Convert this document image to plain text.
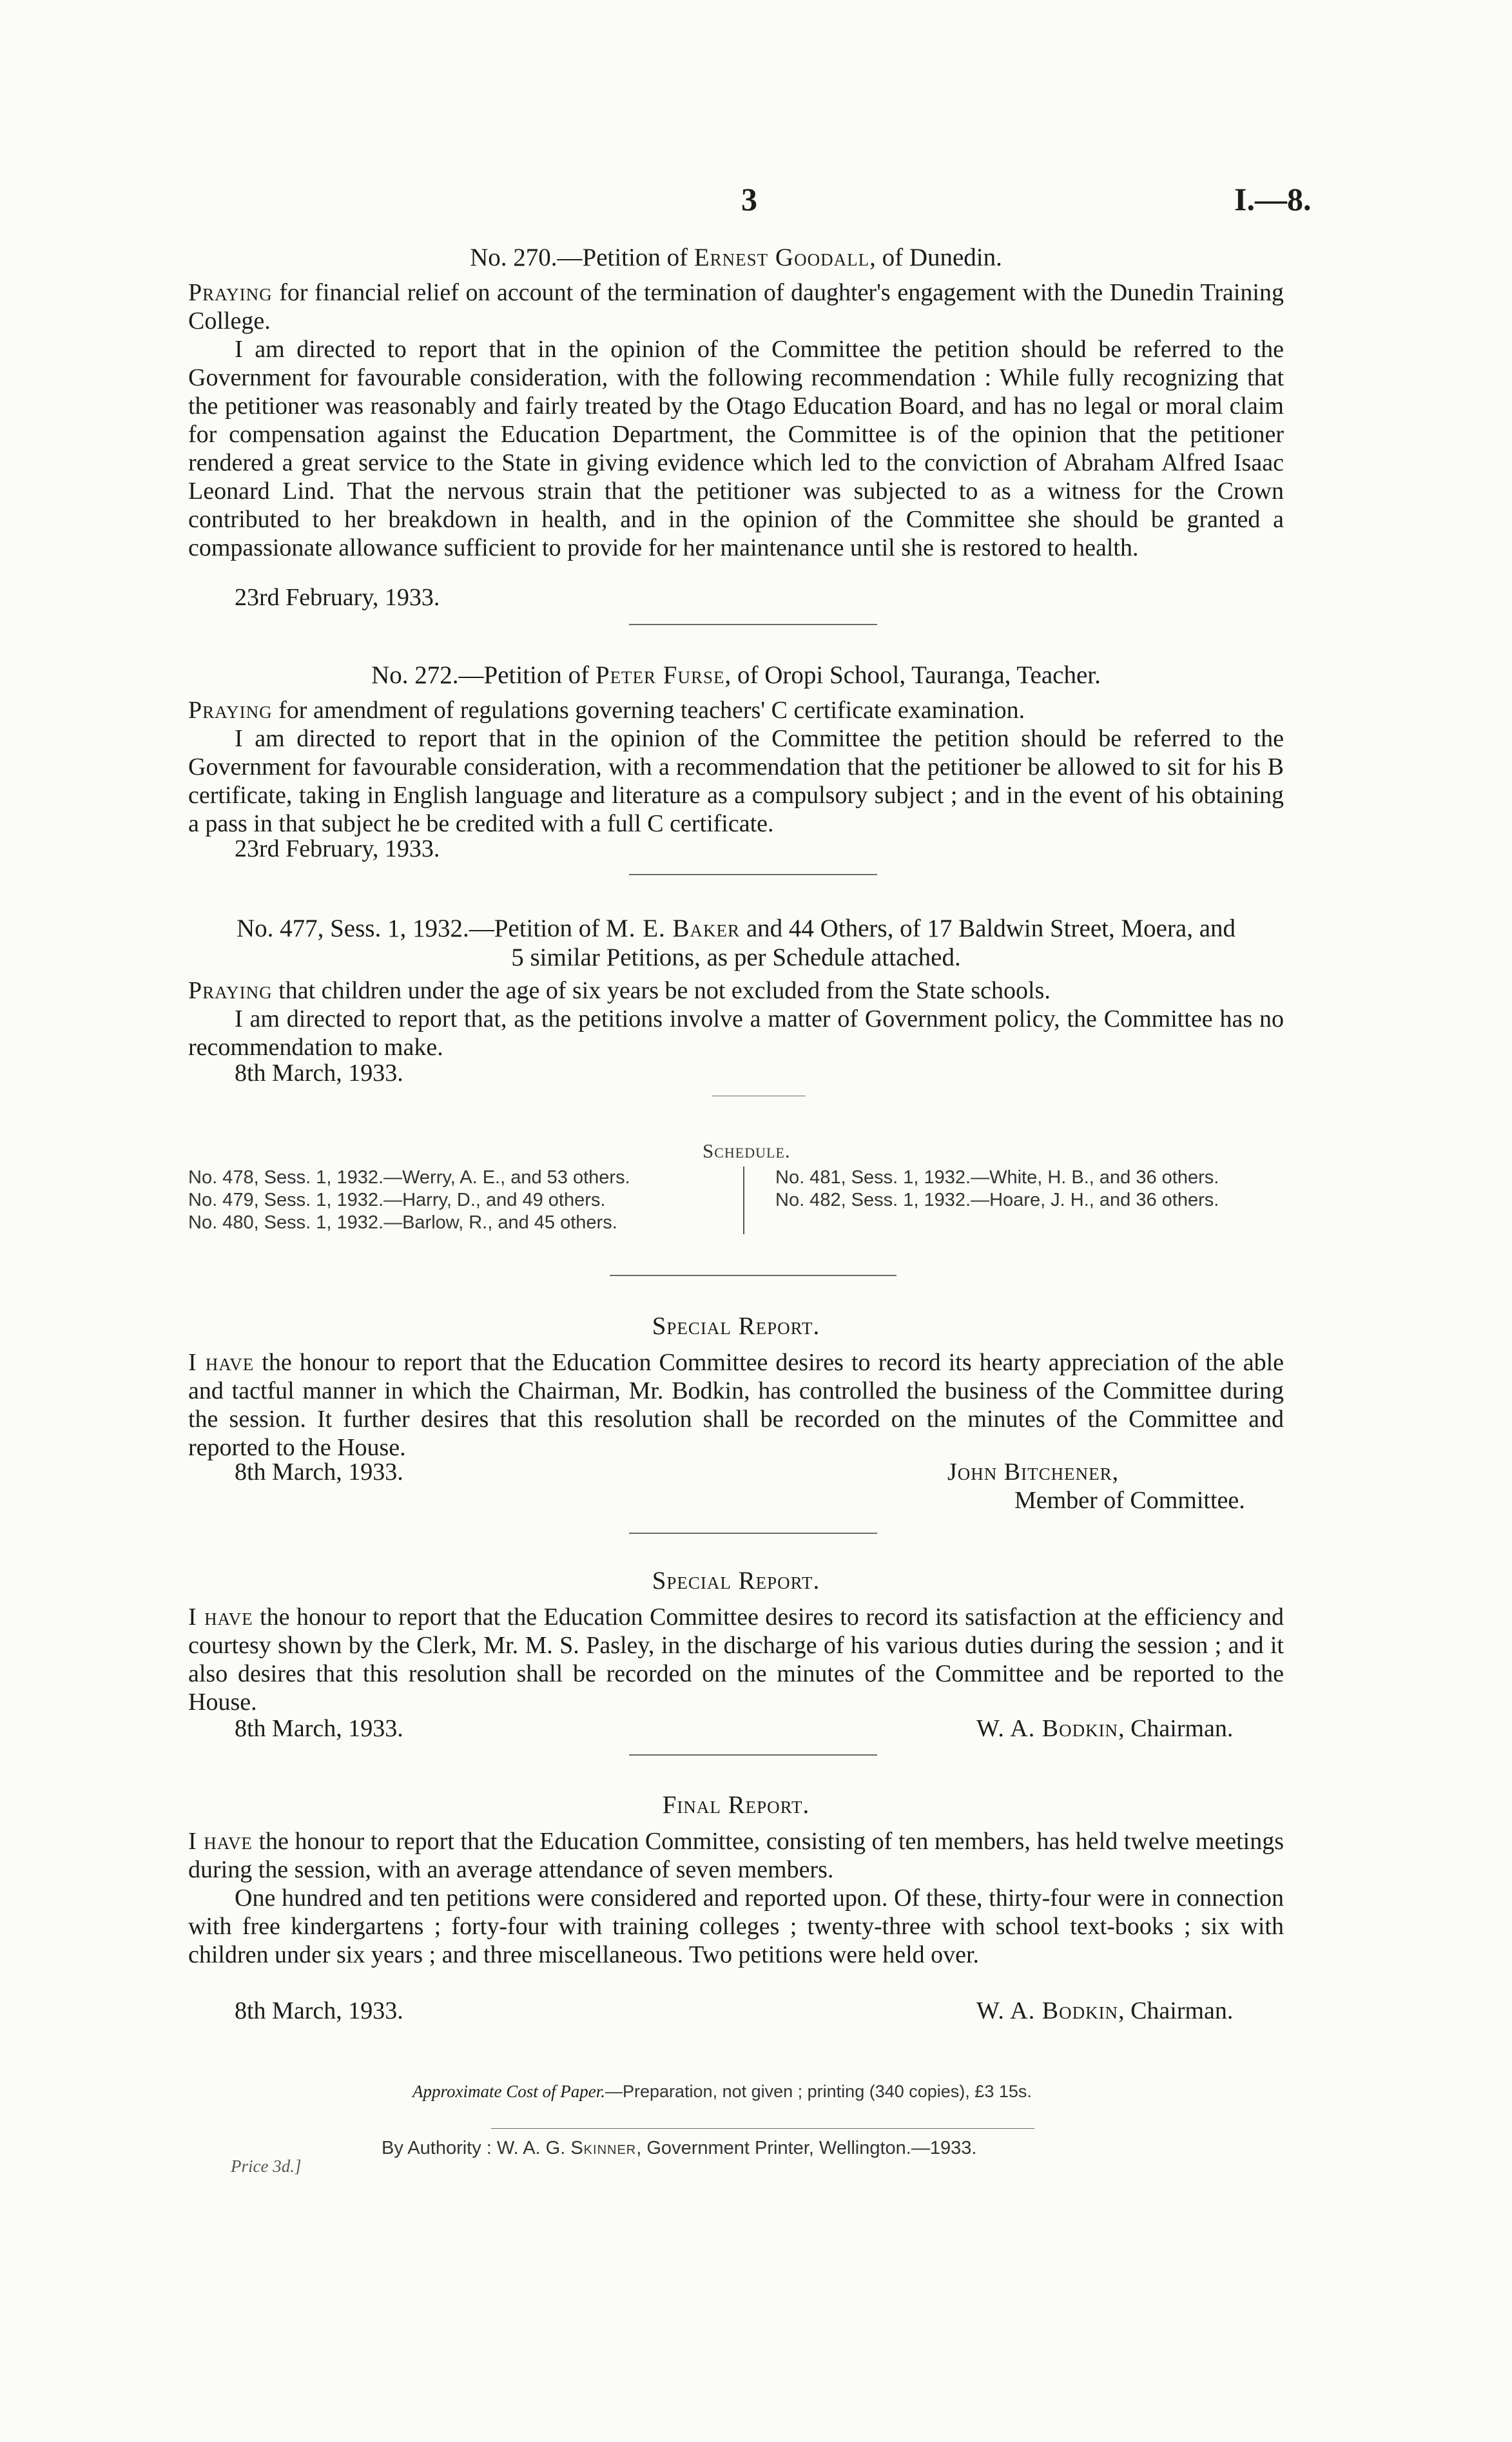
3	I.—8.
No. 270.—Petition of Ernest Goodall, of Dunedin.

Praying for financial relief on account of the termination of daughter's engagement with the Dunedin Training College.

I am directed to report that in the opinion of the Committee the petition should be referred to the Government for favourable consideration, with the following recommendation : While fully recognizing that the petitioner was reasonably and fairly treated by the Otago Education Board, and has no legal or moral claim for compensation against the Education Department, the Committee is of the opinion that the petitioner rendered a great service to the State in giving evidence which led to the conviction of Abraham Alfred Isaac Leonard Lind. That the nervous strain that the petitioner was subjected to as a witness for the Crown contributed to her breakdown in health, and in the opinion of the Committee she should be granted a compassionate allowance sufficient to provide for her maintenance until she is restored to health.

23rd February, 1933.
No. 272.—Petition of Peter Furse, of Oropi School, Tauranga, Teacher.

Praying for amendment of regulations governing teachers' C certificate examination.

I am directed to report that in the opinion of the Committee the petition should be referred to the Government for favourable consideration, with a recommendation that the petitioner be allowed to sit for his B certificate, taking in English language and literature as a compulsory subject ; and in the event of his obtaining a pass in that subject he be credited with a full C certificate.

23rd February, 1933.
No. 477, Sess. 1, 1932.—Petition of M. E. Baker and 44 Others, of 17 Baldwin Street, Moera, and
5 similar Petitions, as per Schedule attached.

Praying that children under the age of six years be not excluded from the State schools.

I am directed to report that, as the petitions involve a matter of Government policy, the Committee has no recommendation to make.

8th March, 1933.
Schedule.
No. 478, Sess. 1, 1932.—Werry, A. E., and 53 others.
No. 479, Sess. 1, 1932.—Harry, D., and 49 others.
No. 480, Sess. 1, 1932.—Barlow, R., and 45 others.
No. 481, Sess. 1, 1932.—White, H. B., and 36 others.
No. 482, Sess. 1, 1932.—Hoare, J. H., and 36 others.
Special Report.

I have the honour to report that the Education Committee desires to record its hearty appreciation of the able and tactful manner in which the Chairman, Mr. Bodkin, has controlled the business of the Committee during the session. It further desires that this resolution shall be recorded on the minutes of the Committee and reported to the House.

8th March, 1933.	John Bitchener,
Member of Committee.
Special Report.

I have the honour to report that the Education Committee desires to record its satisfaction at the efficiency and courtesy shown by the Clerk, Mr. M. S. Pasley, in the discharge of his various duties during the session ; and it also desires that this resolution shall be recorded on the minutes of the Committee and be reported to the House.

8th March, 1933.	W. A. Bodkin, Chairman.
Final Report.

I have the honour to report that the Education Committee, consisting of ten members, has held twelve meetings during the session, with an average attendance of seven members.

One hundred and ten petitions were considered and reported upon. Of these, thirty-four were in connection with free kindergartens ; forty-four with training colleges ; twenty-three with school text-books ; six with children under six years ; and three miscellaneous. Two petitions were held over.

8th March, 1933.	W. A. Bodkin, Chairman.
Approximate Cost of Paper.—Preparation, not given ; printing (340 copies), £3 15s.
By Authority : W. A. G. Skinner, Government Printer, Wellington.—1933.
Price 3d.]
